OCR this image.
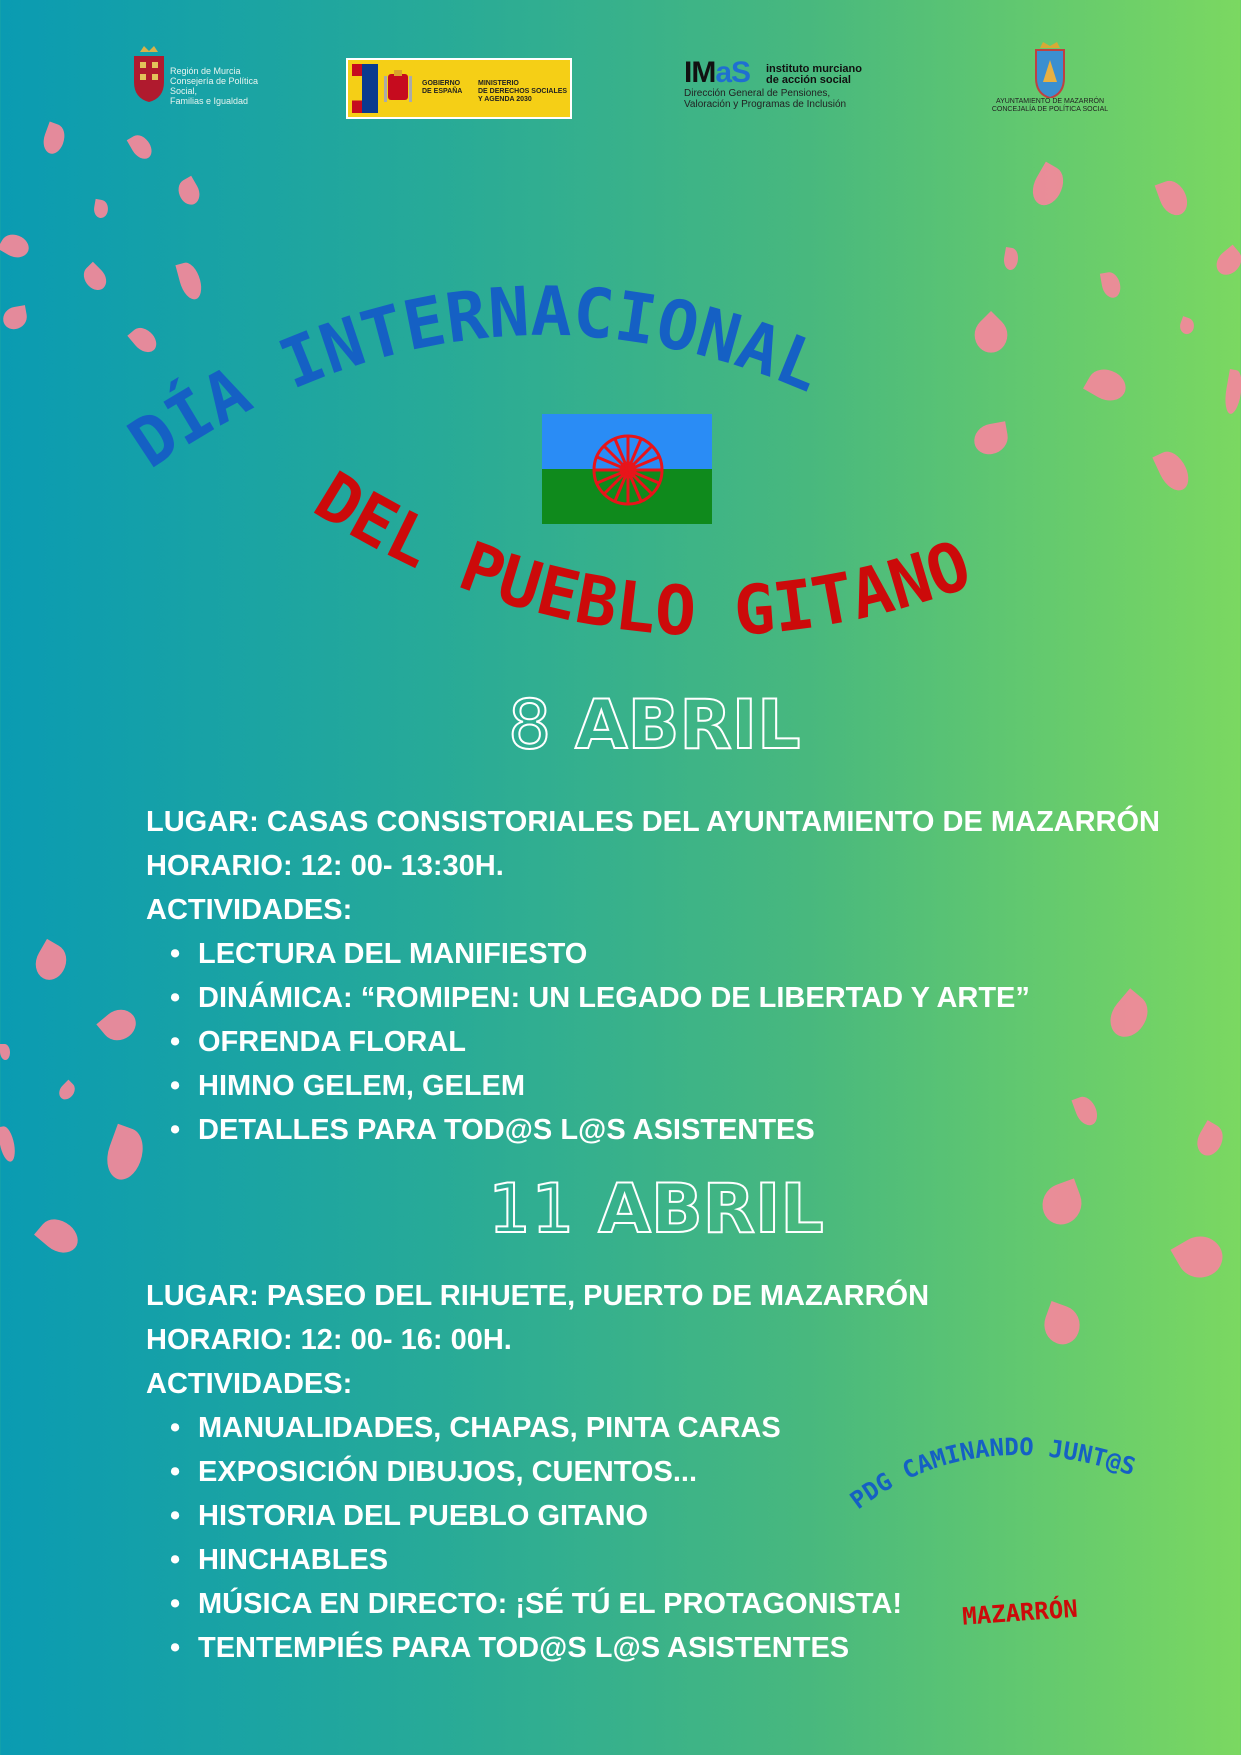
Región de Murcia
Consejería de Política Social,
Familias e Igualdad
GOBIERNO
DE ESPAÑA
MINISTERIO
DE DERECHOS SOCIALES
Y AGENDA 2030
IMaS instituto murciano
de acción social
Dirección General de Pensiones,
Valoración y Programas de Inclusión	AYUNTAMIENTO DE MAZARRÓN
CONCEJALÍA DE POLÍTICA SOCIAL
DÍA INTERNACIONAL
DEL PUEBLO GITANO
8 ABRIL
LUGAR: CASAS CONSISTORIALES DEL AYUNTAMIENTO DE MAZARRÓN
HORARIO: 12: 00- 13:30H.
ACTIVIDADES:
• LECTURA DEL MANIFIESTO
• DINÁMICA: “ROMIPEN: UN LEGADO DE LIBERTAD Y ARTE”
• OFRENDA FLORAL
• HIMNO GELEM, GELEM
• DETALLES PARA TOD@S L@S ASISTENTES
11 ABRIL
LUGAR: PASEO DEL RIHUETE, PUERTO DE MAZARRÓN
HORARIO: 12: 00- 16: 00H.
ACTIVIDADES:
• MANUALIDADES, CHAPAS, PINTA CARAS
• EXPOSICIÓN DIBUJOS, CUENTOS...
• HISTORIA DEL PUEBLO GITANO
• HINCHABLES
• MÚSICA EN DIRECTO: ¡SÉ TÚ EL PROTAGONISTA!
• TENTEMPIÉS PARA TOD@S L@S ASISTENTES
PDG CAMINANDO JUNT@S
MAZARRÓN
